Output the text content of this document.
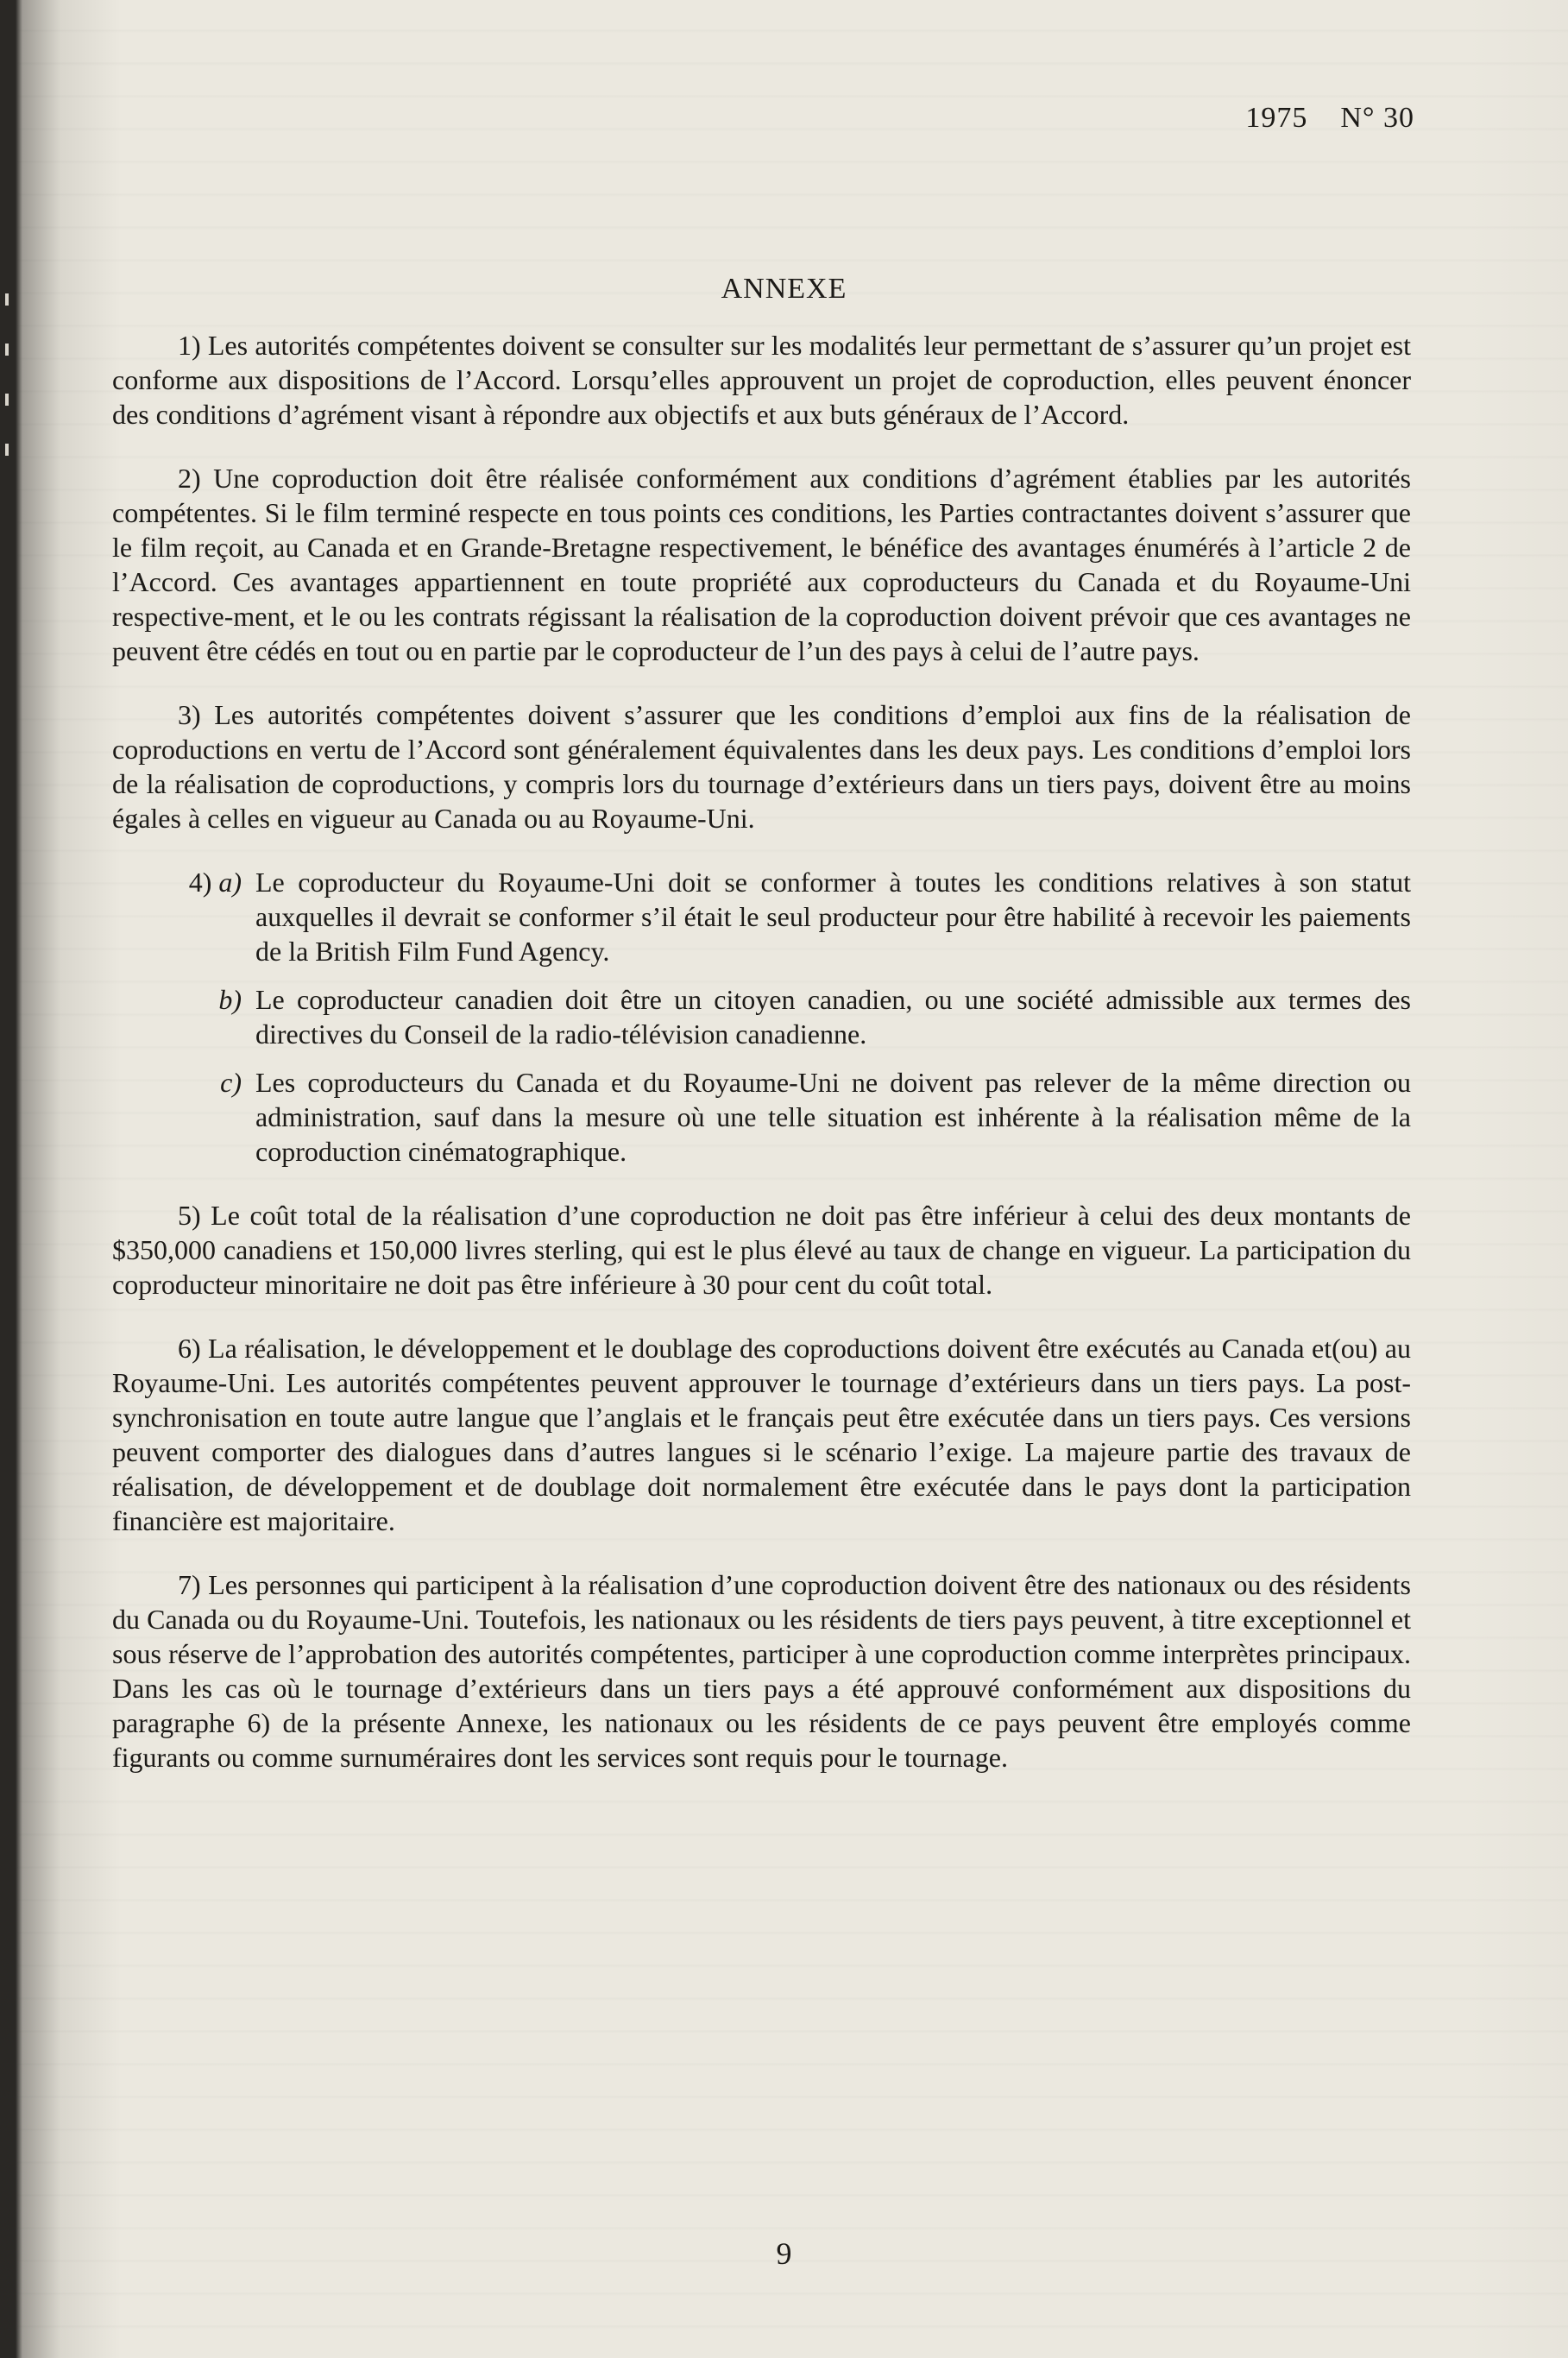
1975 N° 30
ANNEXE

1) Les autorités compétentes doivent se consulter sur les modalités leur permettant de s’assurer qu’un projet est conforme aux dispositions de l’Accord. Lorsqu’elles approuvent un projet de coproduction, elles peuvent énoncer des conditions d’agrément visant à répondre aux objectifs et aux buts généraux de l’Accord.

2) Une coproduction doit être réalisée conformément aux conditions d’agrément établies par les autorités compétentes. Si le film terminé respecte en tous points ces conditions, les Parties contractantes doivent s’assurer que le film reçoit, au Canada et en Grande-Bretagne respectivement, le bénéfice des avantages énumérés à l’article 2 de l’Accord. Ces avantages appartiennent en toute propriété aux coproducteurs du Canada et du Royaume-Uni respective-ment, et le ou les contrats régissant la réalisation de la coproduction doivent prévoir que ces avantages ne peuvent être cédés en tout ou en partie par le coproducteur de l’un des pays à celui de l’autre pays.

3) Les autorités compétentes doivent s’assurer que les conditions d’emploi aux fins de la réalisation de coproductions en vertu de l’Accord sont généralement équivalentes dans les deux pays. Les conditions d’emploi lors de la réalisation de coproductions, y compris lors du tournage d’extérieurs dans un tiers pays, doivent être au moins égales à celles en vigueur au Canada ou au Royaume-Uni.

4) a) Le coproducteur du Royaume-Uni doit se conformer à toutes les conditions relatives à son statut auxquelles il devrait se conformer s’il était le seul producteur pour être habilité à recevoir les paiements de la British Film Fund Agency.
b) Le coproducteur canadien doit être un citoyen canadien, ou une société admissible aux termes des directives du Conseil de la radio-télévision canadienne.
c) Les coproducteurs du Canada et du Royaume-Uni ne doivent pas relever de la même direction ou administration, sauf dans la mesure où une telle situation est inhérente à la réalisation même de la coproduction cinématographique.

5) Le coût total de la réalisation d’une coproduction ne doit pas être inférieur à celui des deux montants de $350,000 canadiens et 150,000 livres sterling, qui est le plus élevé au taux de change en vigueur. La participation du coproducteur minoritaire ne doit pas être inférieure à 30 pour cent du coût total.

6) La réalisation, le développement et le doublage des coproductions doivent être exécutés au Canada et(ou) au Royaume-Uni. Les autorités compétentes peuvent approuver le tournage d’extérieurs dans un tiers pays. La post-synchronisation en toute autre langue que l’anglais et le français peut être exécutée dans un tiers pays. Ces versions peuvent comporter des dialogues dans d’autres langues si le scénario l’exige. La majeure partie des travaux de réalisation, de développement et de doublage doit normalement être exécutée dans le pays dont la participation financière est majoritaire.

7) Les personnes qui participent à la réalisation d’une coproduction doivent être des nationaux ou des résidents du Canada ou du Royaume-Uni. Toutefois, les nationaux ou les résidents de tiers pays peuvent, à titre exceptionnel et sous réserve de l’approbation des autorités compétentes, participer à une coproduction comme interprètes principaux. Dans les cas où le tournage d’extérieurs dans un tiers pays a été approuvé conformément aux dispositions du paragraphe 6) de la présente Annexe, les nationaux ou les résidents de ce pays peuvent être employés comme figurants ou comme surnuméraires dont les services sont requis pour le tournage.

9
